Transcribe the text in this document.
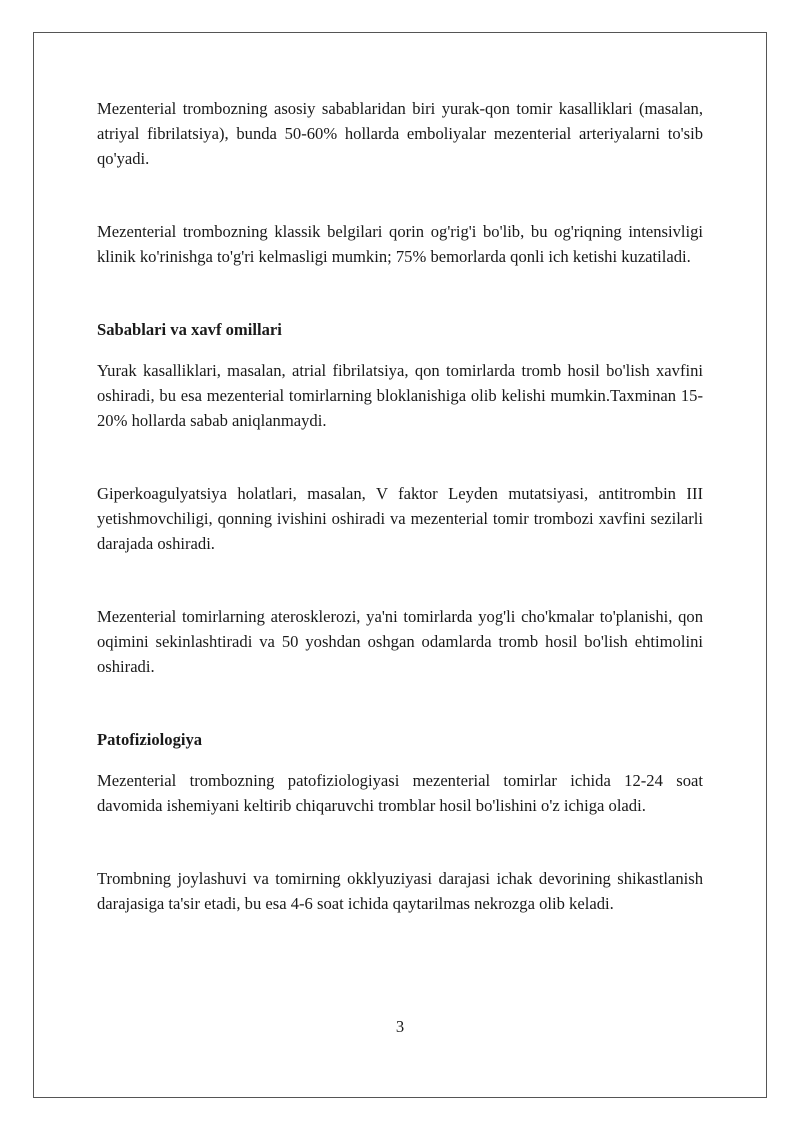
Mezenterial trombozning asosiy sabablaridan biri yurak-qon tomir kasalliklari (masalan, atriyal fibrilatsiya), bunda 50-60% hollarda emboliyalar mezenterial arteriyalarni to'sib qo'yadi.

Mezenterial trombozning klassik belgilari qorin og'rig'i bo'lib, bu og'riqning intensivligi klinik ko'rinishga to'g'ri kelmasligi mumkin; 75% bemorlarda qonli ich ketishi kuzatiladi.

Sabablari va xavf omillari

Yurak kasalliklari, masalan, atrial fibrilatsiya, qon tomirlarda tromb hosil bo'lish xavfini oshiradi, bu esa mezenterial tomirlarning bloklanishiga olib kelishi mumkin.Taxminan 15-20% hollarda sabab aniqlanmaydi.

Giperkoagulyatsiya holatlari, masalan, V faktor Leyden mutatsiyasi, antitrombin III yetishmovchiligi, qonning ivishini oshiradi va mezenterial tomir trombozi xavfini sezilarli darajada oshiradi.

Mezenterial tomirlarning aterosklerozi, ya'ni tomirlarda yog'li cho'kmalar to'planishi, qon oqimini sekinlashtiradi va 50 yoshdan oshgan odamlarda tromb hosil bo'lish ehtimolini oshiradi.

Patofiziologiya

Mezenterial trombozning patofiziologiyasi mezenterial tomirlar ichida 12-24 soat davomida ishemiyani keltirib chiqaruvchi tromblar hosil bo'lishini o'z ichiga oladi.

Trombning joylashuvi va tomirning okklyuziyasi darajasi ichak devorining shikastlanish darajasiga ta'sir etadi, bu esa 4-6 soat ichida qaytarilmas nekrozga olib keladi.

3
